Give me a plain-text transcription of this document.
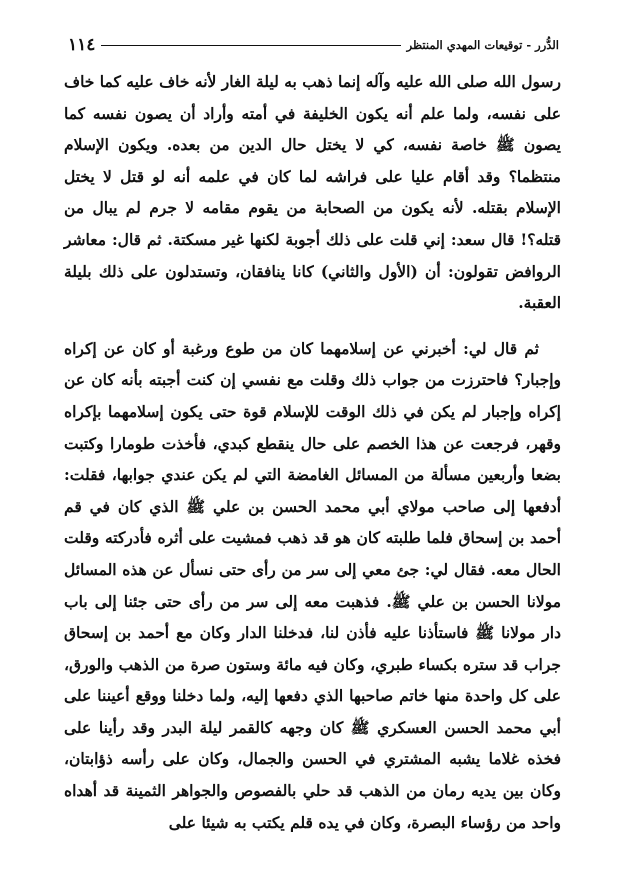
١١٤	الدُّرر - توقيعات المهدي المنتظر

رسول الله صلى الله عليه وآله إنما ذهب به ليلة الغار لأنه خاف عليه كما خاف على نفسه، ولما علم أنه يكون الخليفة في أمته وأراد أن يصون نفسه كما يصون ﷺ خاصة نفسه، كي لا يختل حال الدين من بعده. ويكون الإسلام منتظما؟ وقد أقام عليا على فراشه لما كان في علمه أنه لو قتل لا يختل الإسلام بقتله. لأنه يكون من الصحابة من يقوم مقامه لا جرم لم يبال من قتله؟! قال سعد: إني قلت على ذلك أجوبة لكنها غير مسكتة. ثم قال: معاشر الروافض تقولون: أن (الأول والثاني) كانا ينافقان، وتستدلون على ذلك بليلة العقبة.

ثم قال لي: أخبرني عن إسلامهما كان من طوع ورغبة أو كان عن إكراه وإجبار؟ فاحترزت من جواب ذلك وقلت مع نفسي إن كنت أجبته بأنه كان عن إكراه وإجبار لم يكن في ذلك الوقت للإسلام قوة حتى يكون إسلامهما بإكراه وقهر، فرجعت عن هذا الخصم على حال ينقطع كبدي، فأخذت طومارا وكتبت بضعا وأربعين مسألة من المسائل الغامضة التي لم يكن عندي جوابها، فقلت: أدفعها إلى صاحب مولاي أبي محمد الحسن بن علي ﷺ الذي كان في قم أحمد بن إسحاق فلما طلبته كان هو قد ذهب فمشيت على أثره فأدركته وقلت الحال معه. فقال لي: جئ معي إلى سر من رأى حتى نسأل عن هذه المسائل مولانا الحسن بن علي ﷺ. فذهبت معه إلى سر من رأى حتى جئنا إلى باب دار مولانا ﷺ فاستأذنا عليه فأذن لنا، فدخلنا الدار وكان مع أحمد بن إسحاق جراب قد ستره بكساء طبري، وكان فيه مائة وستون صرة من الذهب والورق، على كل واحدة منها خاتم صاحبها الذي دفعها إليه، ولما دخلنا ووقع أعيننا على أبي محمد الحسن العسكري ﷺ كان وجهه كالقمر ليلة البدر وقد رأينا على فخذه غلاما يشبه المشتري في الحسن والجمال، وكان على رأسه ذؤابتان، وكان بين يديه رمان من الذهب قد حلي بالفصوص والجواهر الثمينة قد أهداه واحد من رؤساء البصرة، وكان في يده قلم يكتب به شيئا على
